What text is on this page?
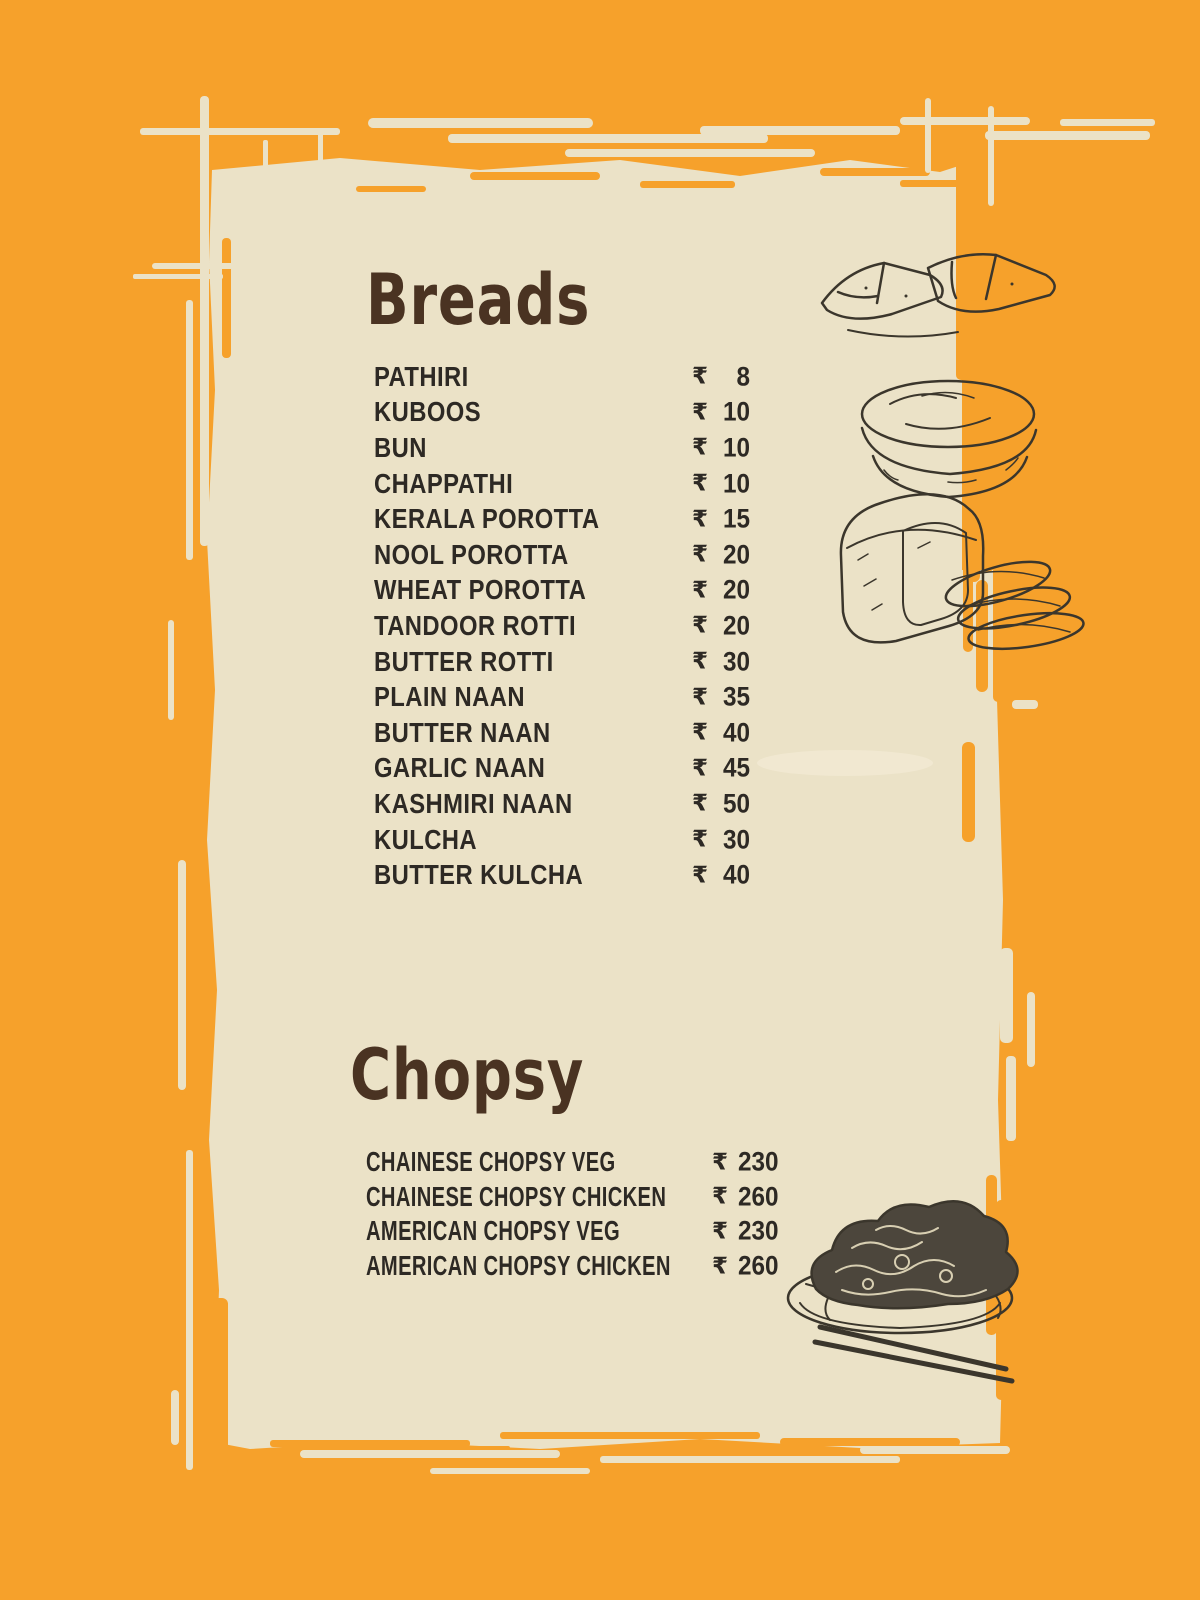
Breads
PATHIRI	₹	8
KUBOOS	₹ 10
BUN	₹ 10
CHAPPATHI	₹ 10
KERALA POROTTA	₹ 15
NOOL POROTTA	₹ 20
WHEAT POROTTA	₹ 20
TANDOOR ROTTI	₹ 20
BUTTER ROTTI	₹ 30
PLAIN NAAN	₹ 35
BUTTER NAAN	₹ 40
GARLIC NAAN	₹ 45
KASHMIRI NAAN	₹ 50
KULCHA	₹ 30
BUTTER KULCHA	₹ 40
Chopsy
CHAINESE CHOPSY VEG	₹ 230
CHAINESE CHOPSY CHICKEN ₹ 260
AMERICAN CHOPSY VEG	₹ 230
AMERICAN CHOPSY CHICKEN ₹ 260
